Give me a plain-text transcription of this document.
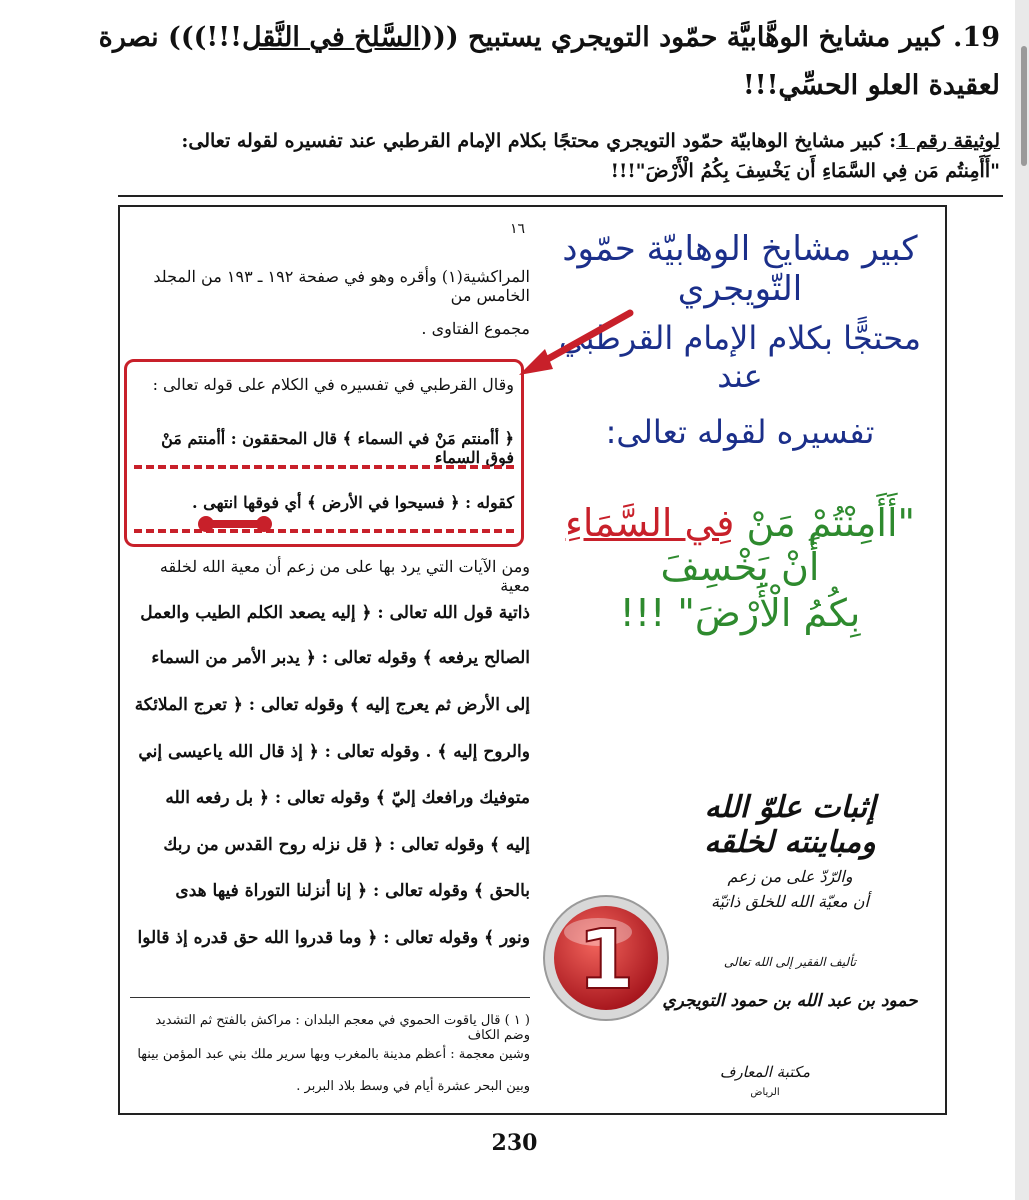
19. كبير مشايخ الوهَّابيَّة حمّود التويجري يستبيح (((السَّلخ في النَّقل!!!))) نصرة
لعقيدة العلو الحسِّي!!!
لوثيقة رقم 1: كبير مشايخ الوهابيّة حمّود التويجري محتجًا بكلام الإمام القرطبي عند تفسيره لقوله تعالى:
"أَأَمِنتُم مَن فِي السَّمَاءِ أَن يَخْسِفَ بِكُمُ الْأَرْضَ"!!!
١٦
المراكشية(١) وأقره وهو في صفحة ١٩٢ ـ ١٩٣ من المجلد الخامس من
مجموع الفتاوى .
وقال القرطبي في تفسيره في الكلام على قوله تعالى :
﴿ أأمنتم مَنْ في السماء ﴾ قال المحققون : أأمنتم مَنْ فوق السماء
كقوله : ﴿ فسيحوا في الأرض ﴾ أي فوقها انتهى .
ومن الآيات التي يرد بها على من زعم أن معية الله لخلقه معية
ذاتية قول الله تعالى : ﴿ إليه يصعد الكلم الطيب والعمل
الصالح يرفعه ﴾ وقوله تعالى : ﴿ يدبر الأمر من السماء
إلى الأرض ثم يعرج إليه ﴾ وقوله تعالى : ﴿ تعرج الملائكة
والروح إليه ﴾ . وقوله تعالى : ﴿ إذ قال الله ياعيسى إني
متوفيك ورافعك إليّ ﴾ وقوله تعالى : ﴿ بل رفعه الله
إليه ﴾ وقوله تعالى : ﴿ قل نزله روح القدس من ربك
بالحق ﴾ وقوله تعالى : ﴿ إنا أنزلنا التوراة فيها هدى
ونور ﴾ وقوله تعالى : ﴿ وما قدروا الله حق قدره إذ قالوا
( ١ ) قال ياقوت الحموي في معجم البلدان : مراكش بالفتح ثم التشديد وضم الكاف
وشين معجمة : أعظم مدينة بالمغرب وبها سرير ملك بني عبد المؤمن بينها
وبين البحر عشرة أيام في وسط بلاد البربر .
كبير مشايخ الوهابيّة حمّود التّويجري
محتجًّا بكلام الإمام القرطبي عند
تفسيره لقوله تعالى:
"أَأَمِنْتُمْ مَنْ فِي السَّمَاءِ أَنْ يَخْسِفَ
بِكُمُ الْأَرْضَ" !!!
إثبات علوّ الله ومباينته لخلقه
والرّدّ على من زعم
أن معيّة الله للخلق ذاتيّة
تأليف الفقير إلى الله تعالى
حمود بن عبد الله بن حمود التويجري
مكتبة المعارف
الرياض
1
230
